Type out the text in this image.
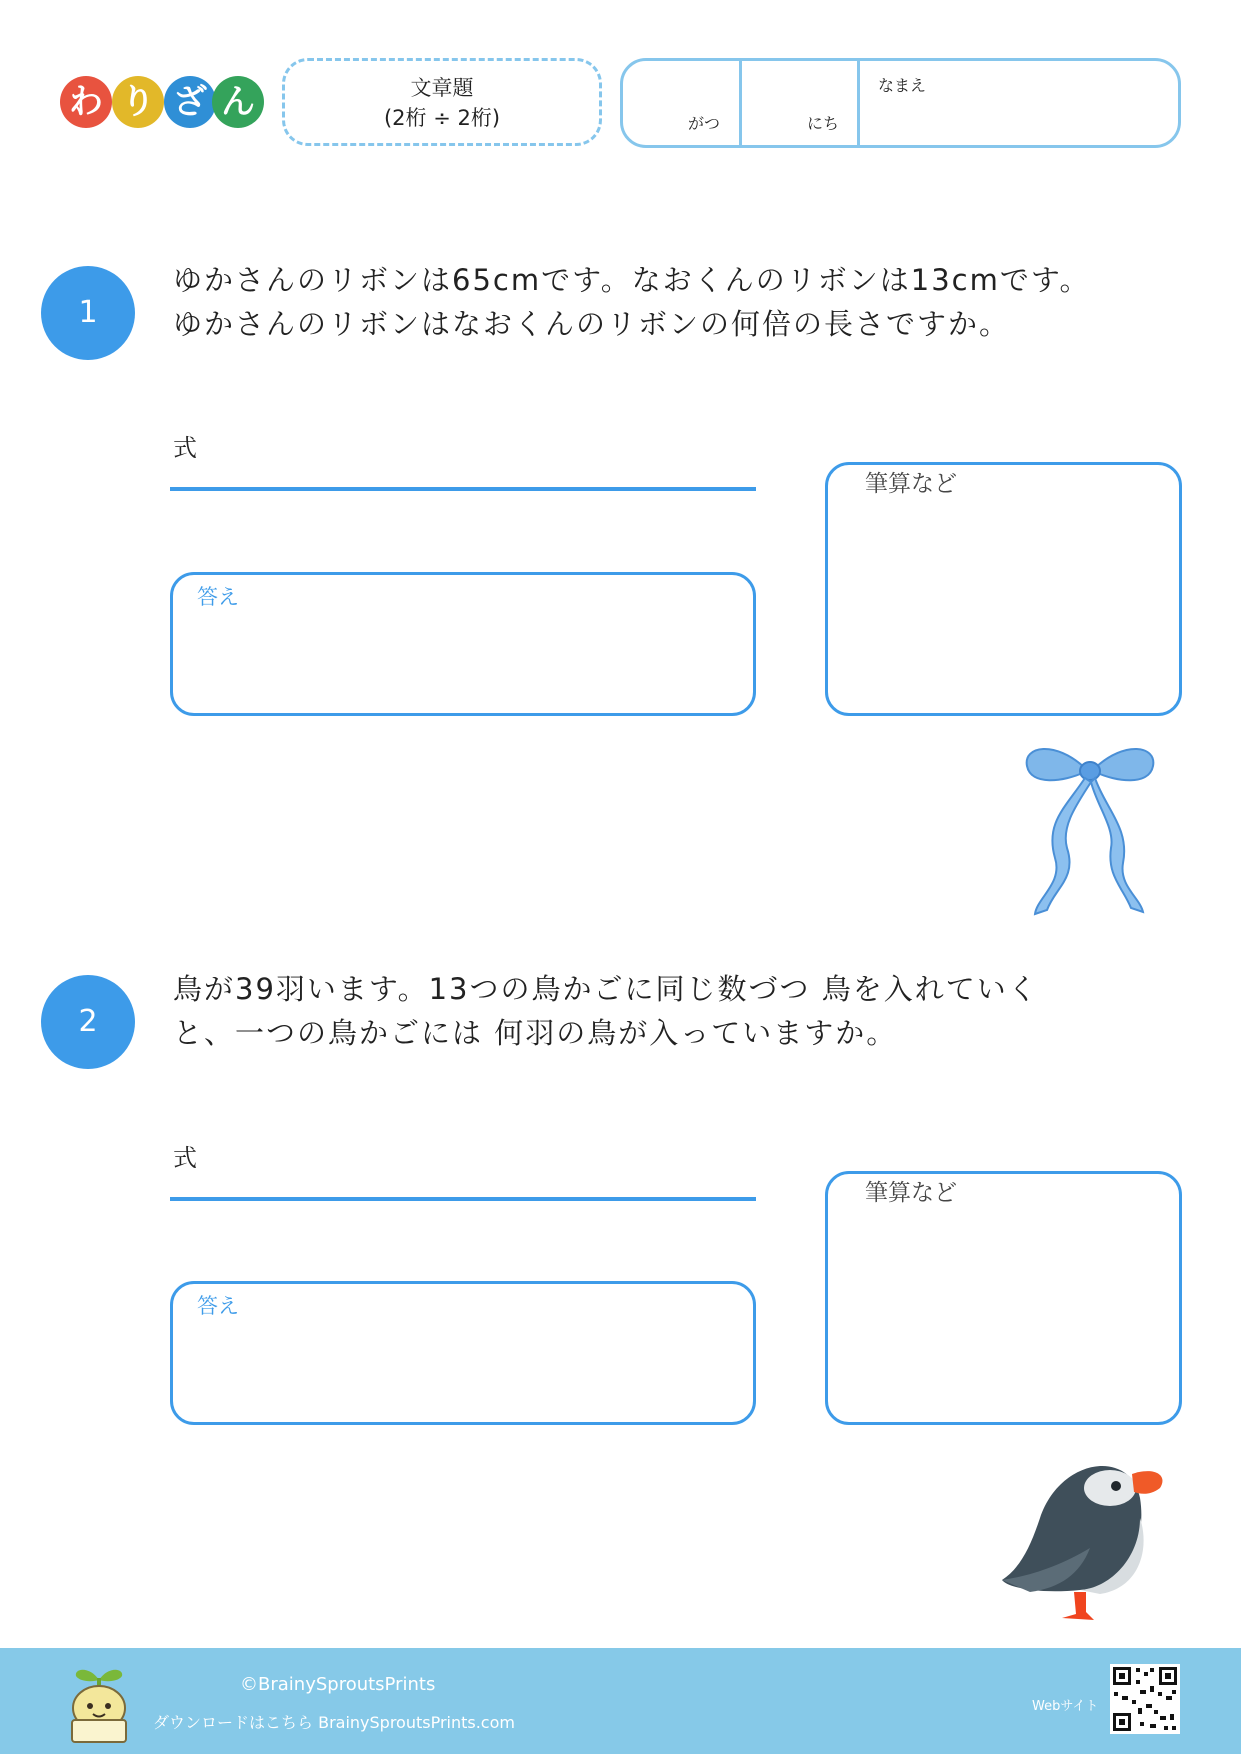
わ り ざ ん	文章題
(2桁 ÷ 2桁)	がつ	にち
なまえ
1
ゆかさんのリボンは65cmです。なおくんのリボンは13cmです。
ゆかさんのリボンはなおくんのリボンの何倍の長さですか。
式
答え
筆算など
2
鳥が39羽います。13つの鳥かごに同じ数づつ 鳥を入れていく
と、一つの鳥かごには 何羽の鳥が入っていますか。
式
答え
筆算など
©BrainySproutsPrints
ダウンロードはこちら BrainySproutsPrints.com
Webサイト
